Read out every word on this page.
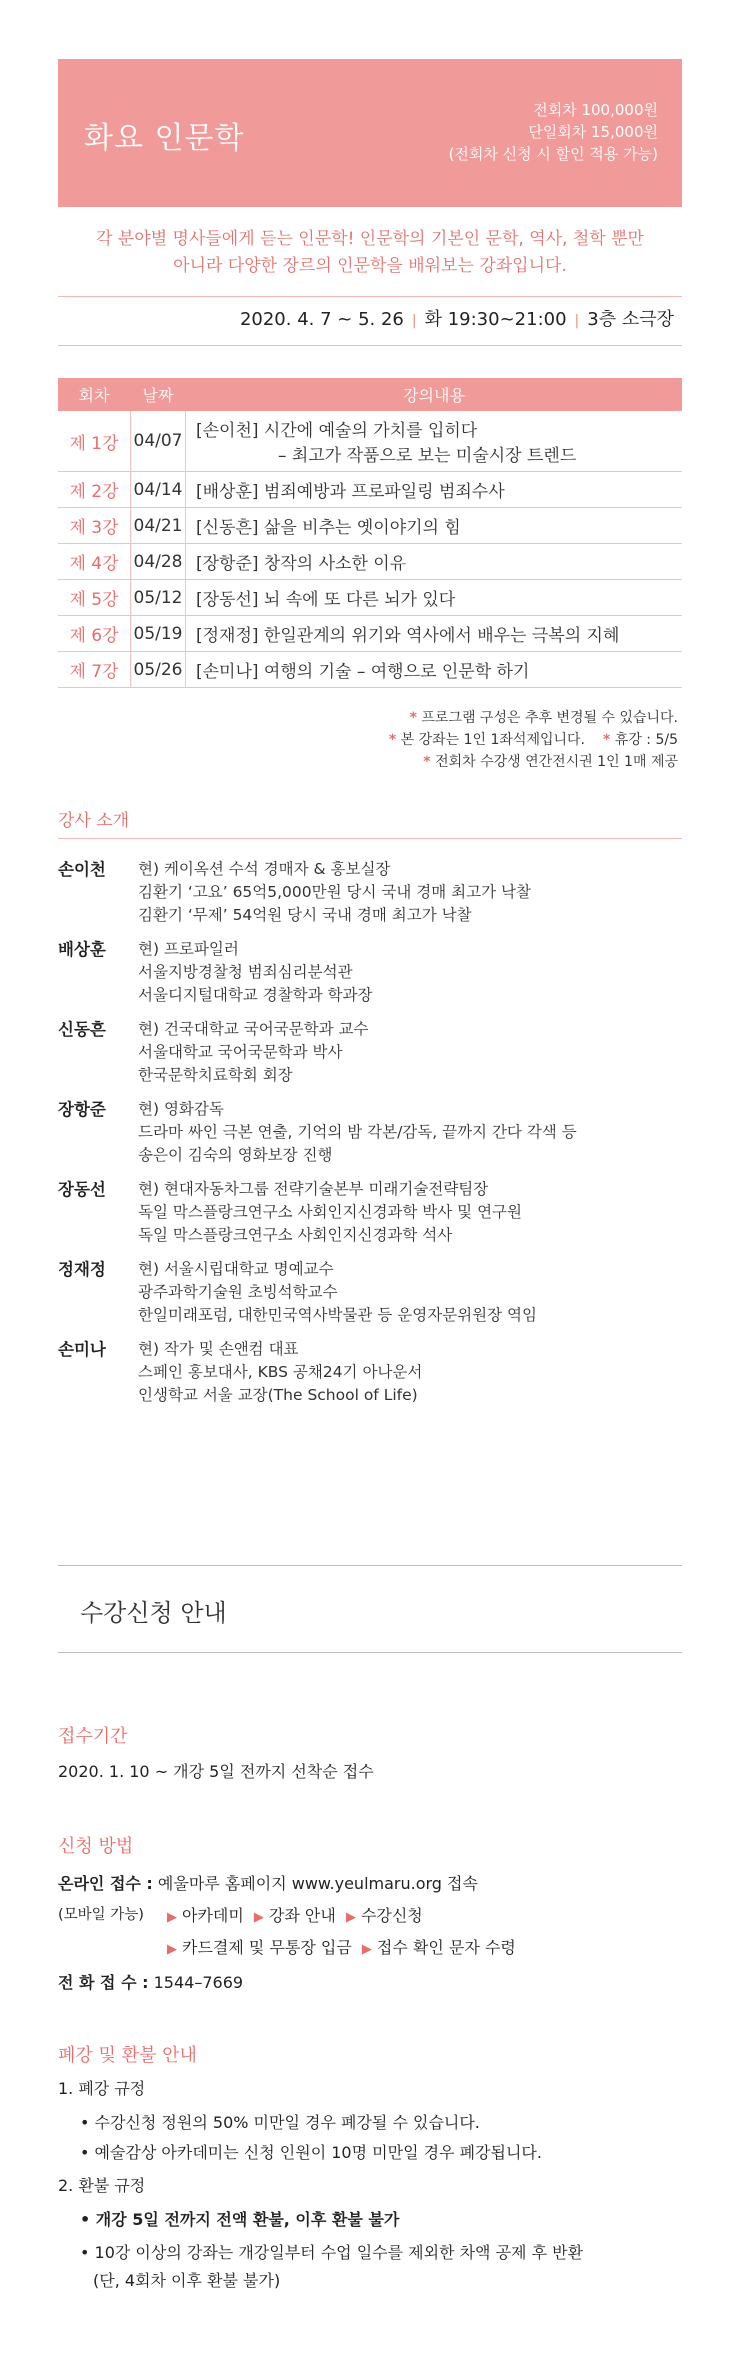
화요 인문학
전회차 100,000원
단일회차 15,000원
(전회차 신청 시 할인 적용 가능)
각 분야별 명사들에게 듣는 인문학! 인문학의 기본인 문학, 역사, 철학 뿐만
아니라 다양한 장르의 인문학을 배워보는 강좌입니다.
2020. 4. 7 ~ 5. 26 | 화 19:30~21:00 | 3층 소극장
회차	날짜	강의내용
제 1강 04/07 [손이천] 시간에 예술의 가치를 입히다
– 최고가 작품으로 보는 미술시장 트렌드
제 2강 04/14 [배상훈] 범죄예방과 프로파일링 범죄수사
제 3강 04/21 [신동흔] 삶을 비추는 옛이야기의 힘
제 4강 04/28 [장항준] 창작의 사소한 이유
제 5강 05/12 [장동선] 뇌 속에 또 다른 뇌가 있다
제 6강 05/19 [정재정] 한일관계의 위기와 역사에서 배우는 극복의 지혜
제 7강 05/26 [손미나] 여행의 기술 – 여행으로 인문학 하기
* 프로그램 구성은 추후 변경될 수 있습니다.
* 본 강좌는 1인 1좌석제입니다. * 휴강 : 5/5
* 전회차 수강생 연간전시권 1인 1매 제공
강사 소개
손이천	현) 케이옥션 수석 경매자 & 홍보실장
김환기 ‘고요’ 65억5,000만원 당시 국내 경매 최고가 낙찰
김환기 ‘무제’ 54억원 당시 국내 경매 최고가 낙찰
배상훈	현) 프로파일러
서울지방경찰청 범죄심리분석관
서울디지털대학교 경찰학과 학과장
신동흔	현) 건국대학교 국어국문학과 교수
서울대학교 국어국문학과 박사
한국문학치료학회 회장
장항준	현) 영화감독
드라마 싸인 극본 연출, 기억의 밤 각본/감독, 끝까지 간다 각색 등
송은이 김숙의 영화보장 진행
장동선	현) 현대자동차그룹 전략기술본부 미래기술전략팀장
독일 막스플랑크연구소 사회인지신경과학 박사 및 연구원
독일 막스플랑크연구소 사회인지신경과학 석사
정재정	현) 서울시립대학교 명예교수
광주과학기술원 초빙석학교수
한일미래포럼, 대한민국역사박물관 등 운영자문위원장 역임
손미나	현) 작가 및 손앤컴 대표
스페인 홍보대사, KBS 공채24기 아나운서
인생학교 서울 교장(The School of Life)
수강신청 안내
접수기간
2020. 1. 10 ~ 개강 5일 전까지 선착순 접수
신청 방법
온라인 접수 : 예울마루 홈페이지 www.yeulmaru.org 접속
(모바일 가능)	▶ 아카데미 ▶ 강좌 안내 ▶ 수강신청
▶ 카드결제 및 무통장 입금 ▶ 접수 확인 문자 수령
전 화 접 수 : 1544–7669
폐강 및 환불 안내
1. 폐강 규정
• 수강신청 정원의 50% 미만일 경우 폐강될 수 있습니다.
• 예술감상 아카데미는 신청 인원이 10명 미만일 경우 폐강됩니다.
2. 환불 규정
• 개강 5일 전까지 전액 환불, 이후 환불 불가
• 10강 이상의 강좌는 개강일부터 수업 일수를 제외한 차액 공제 후 반환
(단, 4회차 이후 환불 불가)
